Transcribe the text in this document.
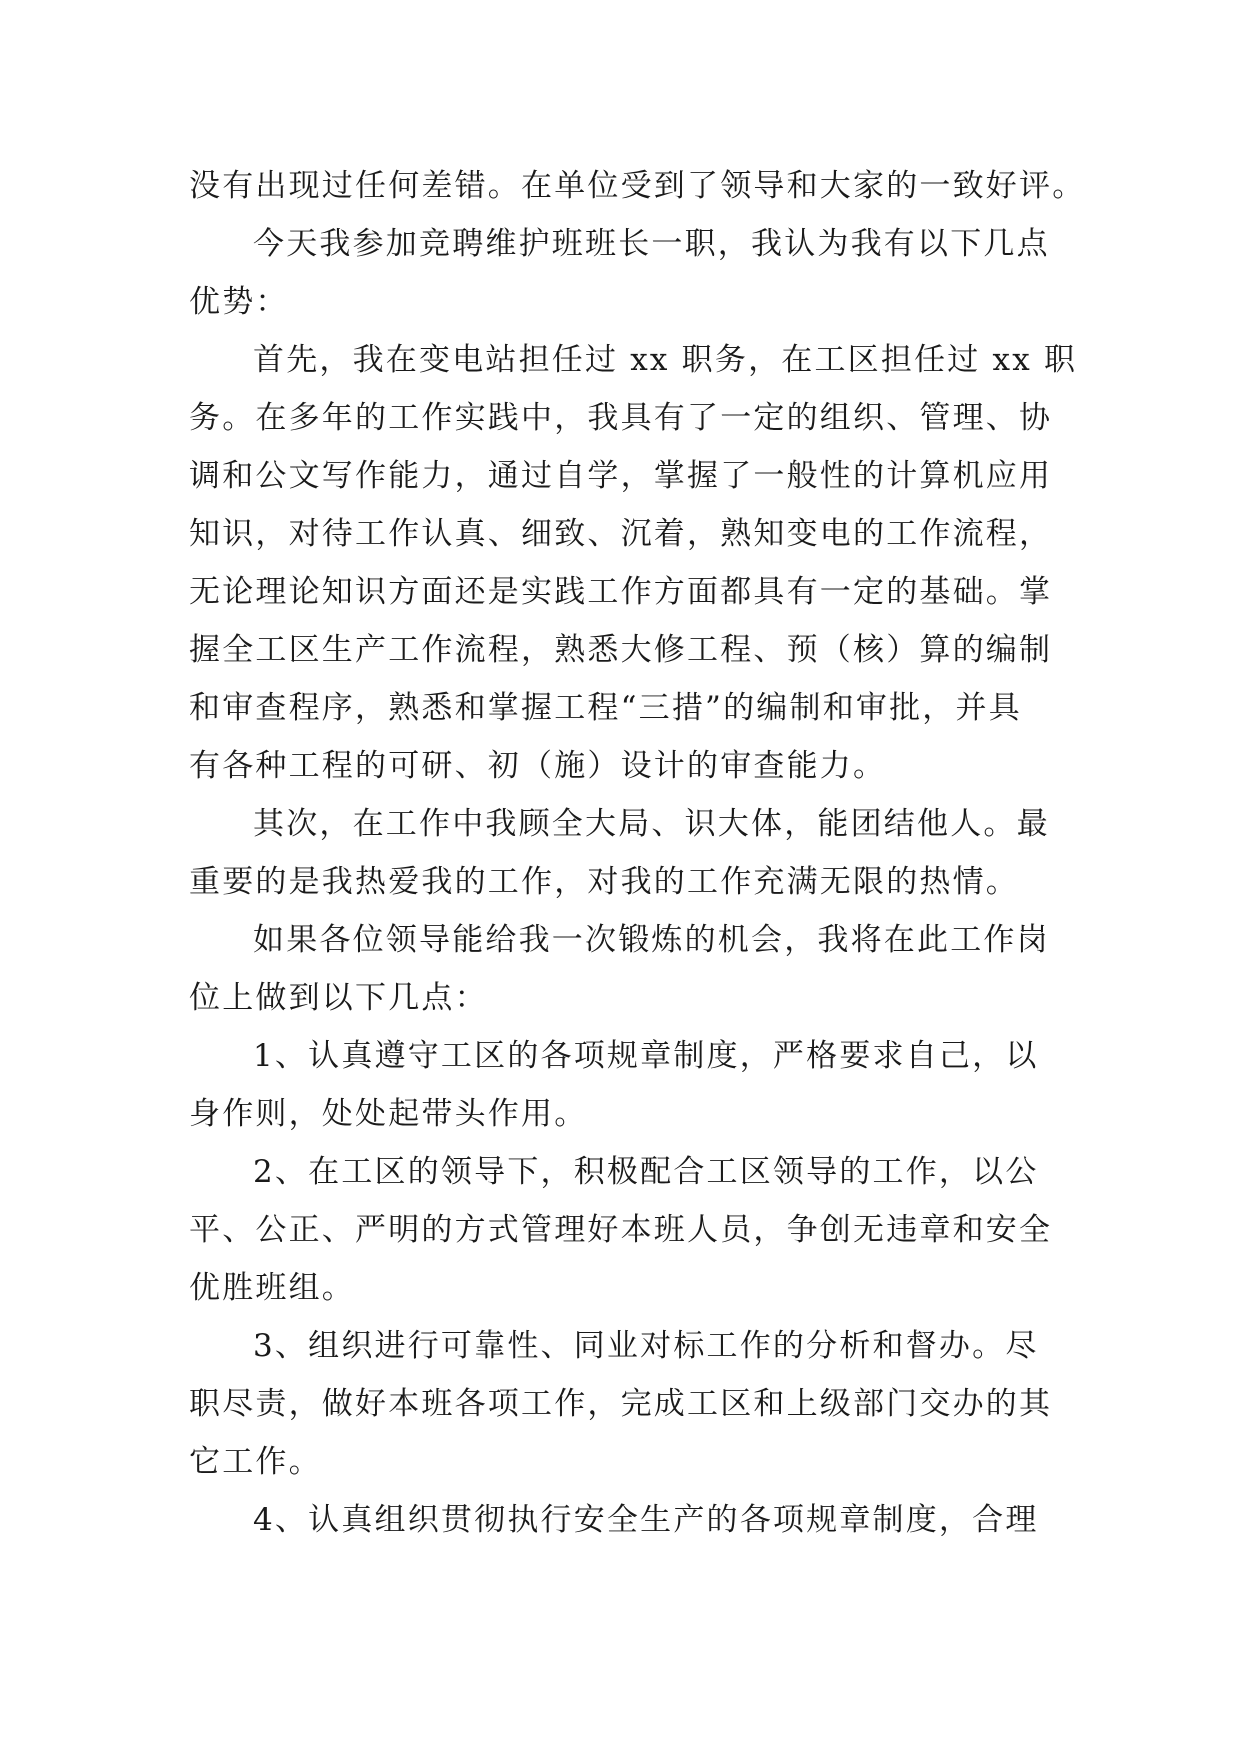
没有出现过任何差错。在单位受到了领导和大家的一致好评。
今天我参加竞聘维护班班长一职，我认为我有以下几点
优势：
首先，我在变电站担任过 xx 职务，在工区担任过 xx 职
务。在多年的工作实践中，我具有了一定的组织、管理、协
调和公文写作能力，通过自学，掌握了一般性的计算机应用
知识，对待工作认真、细致、沉着，熟知变电的工作流程，
无论理论知识方面还是实践工作方面都具有一定的基础。掌
握全工区生产工作流程，熟悉大修工程、预（核）算的编制
和审查程序，熟悉和掌握工程“三措”的编制和审批，并具
有各种工程的可研、初（施）设计的审查能力。
其次，在工作中我顾全大局、识大体，能团结他人。最
重要的是我热爱我的工作，对我的工作充满无限的热情。
如果各位领导能给我一次锻炼的机会，我将在此工作岗
位上做到以下几点：
1、认真遵守工区的各项规章制度，严格要求自己，以
身作则，处处起带头作用。
2、在工区的领导下，积极配合工区领导的工作，以公
平、公正、严明的方式管理好本班人员，争创无违章和安全
优胜班组。
3、组织进行可靠性、同业对标工作的分析和督办。尽
职尽责，做好本班各项工作，完成工区和上级部门交办的其
它工作。
4、认真组织贯彻执行安全生产的各项规章制度，合理
